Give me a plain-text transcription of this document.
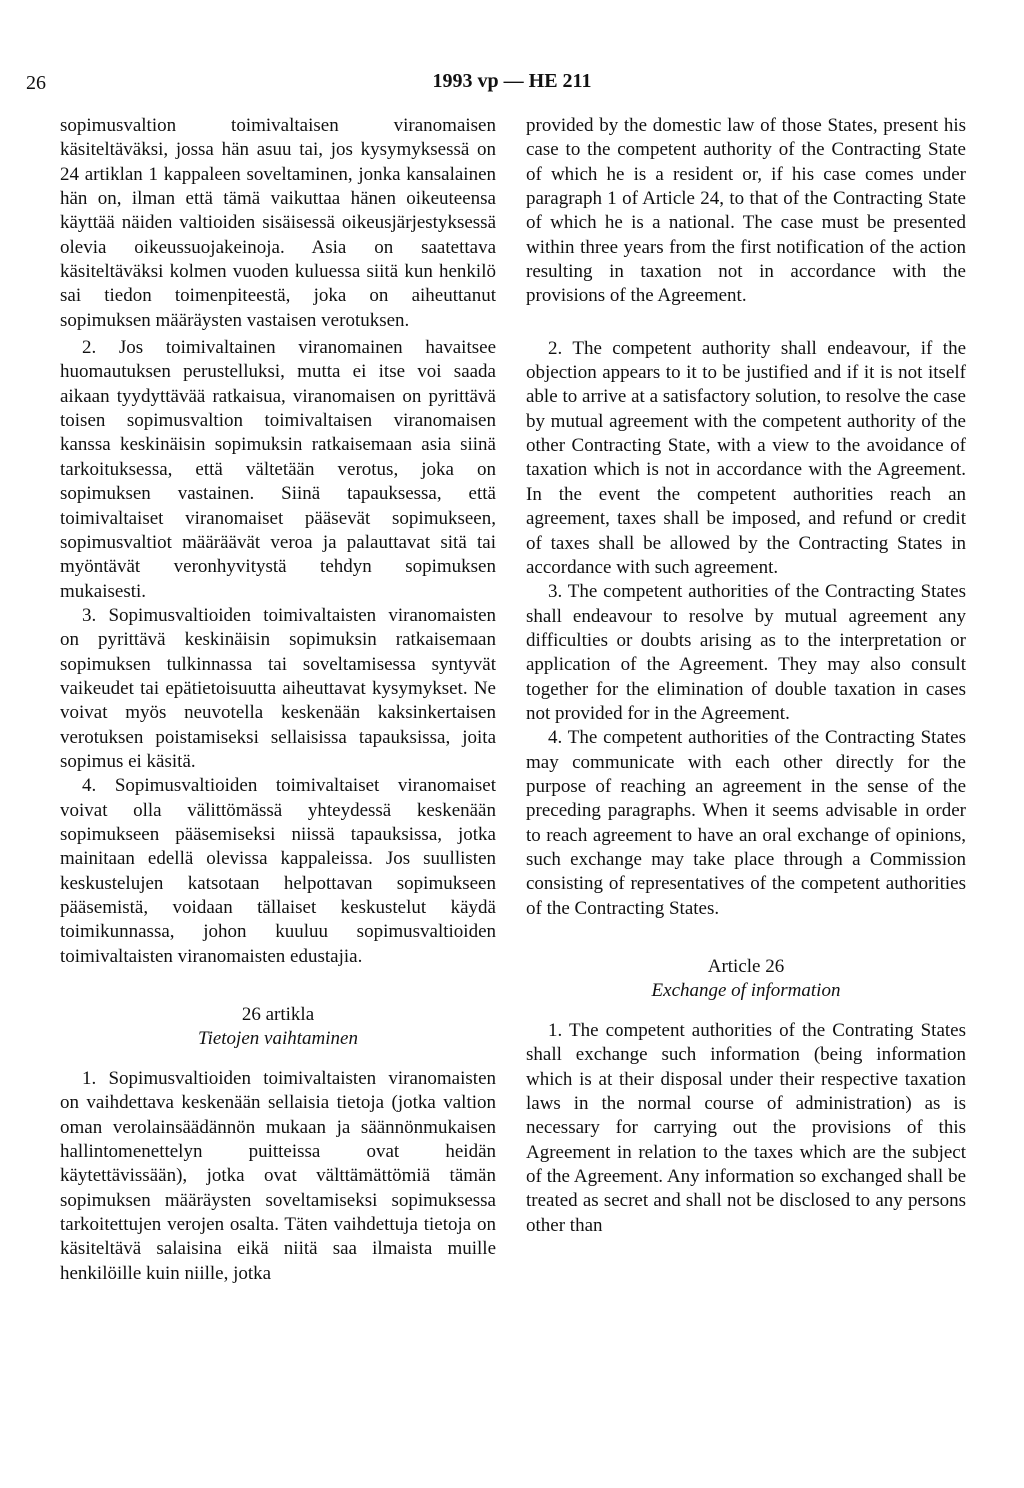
26	1993 vp — HE 211

sopimusvaltion toimivaltaisen viranomaisen käsiteltäväksi, jossa hän asuu tai, jos kysymyksessä on 24 artiklan 1 kappaleen soveltaminen, jonka kansalainen hän on, ilman että tämä vaikuttaa hänen oikeuteensa käyttää näiden valtioiden sisäisessä oikeusjärjestyksessä olevia oikeussuojakeinoja. Asia on saatettava käsiteltäväksi kolmen vuoden kuluessa siitä kun henkilö sai tiedon toimenpiteestä, joka on aiheuttanut sopimuksen määräysten vastaisen verotuksen.

2. Jos toimivaltainen viranomainen havaitsee huomautuksen perustelluksi, mutta ei itse voi saada aikaan tyydyttävää ratkaisua, viranomaisen on pyrittävä toisen sopimusvaltion toimivaltaisen viranomaisen kanssa keskinäisin sopimuksin ratkaisemaan asia siinä tarkoituksessa, että vältetään verotus, joka on sopimuksen vastainen. Siinä tapauksessa, että toimivaltaiset viranomaiset pääsevät sopimukseen, sopimusvaltiot määräävät veroa ja palauttavat sitä tai myöntävät veronhyvitystä tehdyn sopimuksen mukaisesti.

3. Sopimusvaltioiden toimivaltaisten viranomaisten on pyrittävä keskinäisin sopimuksin ratkaisemaan sopimuksen tulkinnassa tai soveltamisessa syntyvät vaikeudet tai epätietoisuutta aiheuttavat kysymykset. Ne voivat myös neuvotella keskenään kaksinkertaisen verotuksen poistamiseksi sellaisissa tapauksissa, joita sopimus ei käsitä.

4. Sopimusvaltioiden toimivaltaiset viranomaiset voivat olla välittömässä yhteydessä keskenään sopimukseen pääsemiseksi niissä tapauksissa, jotka mainitaan edellä olevissa kappaleissa. Jos suullisten keskustelujen katsotaan helpottavan sopimukseen pääsemistä, voidaan tällaiset keskustelut käydä toimikunnassa, johon kuuluu sopimusvaltioiden toimivaltaisten viranomaisten edustajia.

26 artikla

Tietojen vaihtaminen

1. Sopimusvaltioiden toimivaltaisten viranomaisten on vaihdettava keskenään sellaisia tietoja (jotka valtion oman verolainsäädännön mukaan ja säännönmukaisen hallintomenettelyn puitteissa ovat heidän käytettävissään), jotka ovat välttämättömiä tämän sopimuksen määräysten soveltamiseksi sopimuksessa tarkoitettujen verojen osalta. Täten vaihdettuja tietoja on käsiteltävä salaisina eikä niitä saa ilmaista muille henkilöille kuin niille, jotka

provided by the domestic law of those States, present his case to the competent authority of the Contracting State of which he is a resident or, if his case comes under paragraph 1 of Article 24, to that of the Contracting State of which he is a national. The case must be presented within three years from the first notification of the action resulting in taxation not in accordance with the provisions of the Agreement.

2. The competent authority shall endeavour, if the objection appears to it to be justified and if it is not itself able to arrive at a satisfactory solution, to resolve the case by mutual agreement with the competent authority of the other Contracting State, with a view to the avoidance of taxation which is not in accordance with the Agreement. In the event the competent authorities reach an agreement, taxes shall be imposed, and refund or credit of taxes shall be allowed by the Contracting States in accordance with such agreement.

3. The competent authorities of the Contracting States shall endeavour to resolve by mutual agreement any difficulties or doubts arising as to the interpretation or application of the Agreement. They may also consult together for the elimination of double taxation in cases not provided for in the Agreement.

4. The competent authorities of the Contracting States may communicate with each other directly for the purpose of reaching an agreement in the sense of the preceding paragraphs. When it seems advisable in order to reach agreement to have an oral exchange of opinions, such exchange may take place through a Commission consisting of representatives of the competent authorities of the Contracting States.

Article 26

Exchange of information

1. The competent authorities of the Contrating States shall exchange such information (being information which is at their disposal under their respective taxation laws in the normal course of administration) as is necessary for carrying out the provisions of this Agreement in relation to the taxes which are the subject of the Agreement. Any information so exchanged shall be treated as secret and shall not be disclosed to any persons other than
